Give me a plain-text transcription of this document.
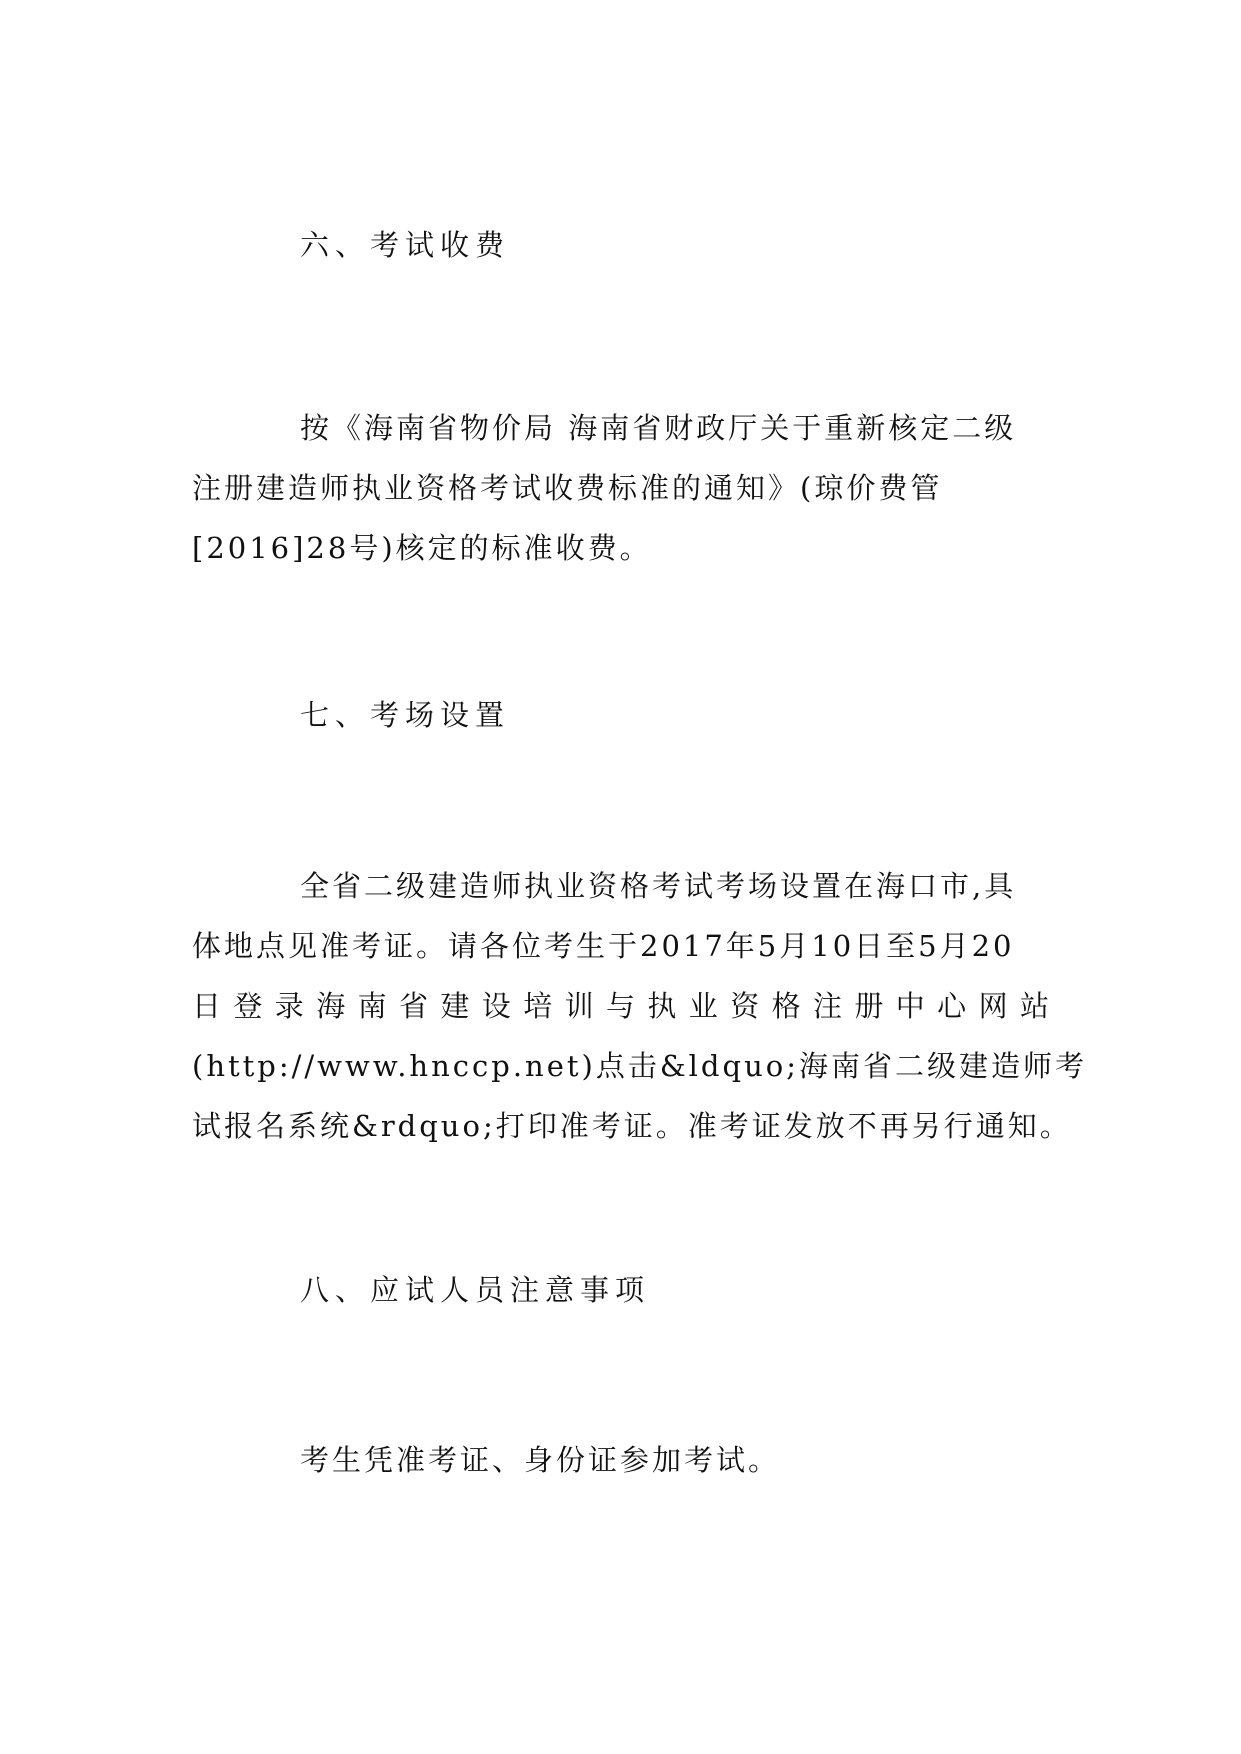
六、考试收费
按《海南省物价局 海南省财政厅关于重新核定二级
注册建造师执业资格考试收费标准的通知》(琼价费管
[2016]28号)核定的标准收费。
七、考场设置
全省二级建造师执业资格考试考场设置在海口市,具
体地点见准考证。请各位考生于2017年5月10日至5月20
日登录海南省建设培训与执业资格注册中心网站
(http://www.hnccp.net)点击&ldquo;海南省二级建造师考
试报名系统&rdquo;打印准考证。准考证发放不再另行通知。
八、应试人员注意事项
考生凭准考证、身份证参加考试。
